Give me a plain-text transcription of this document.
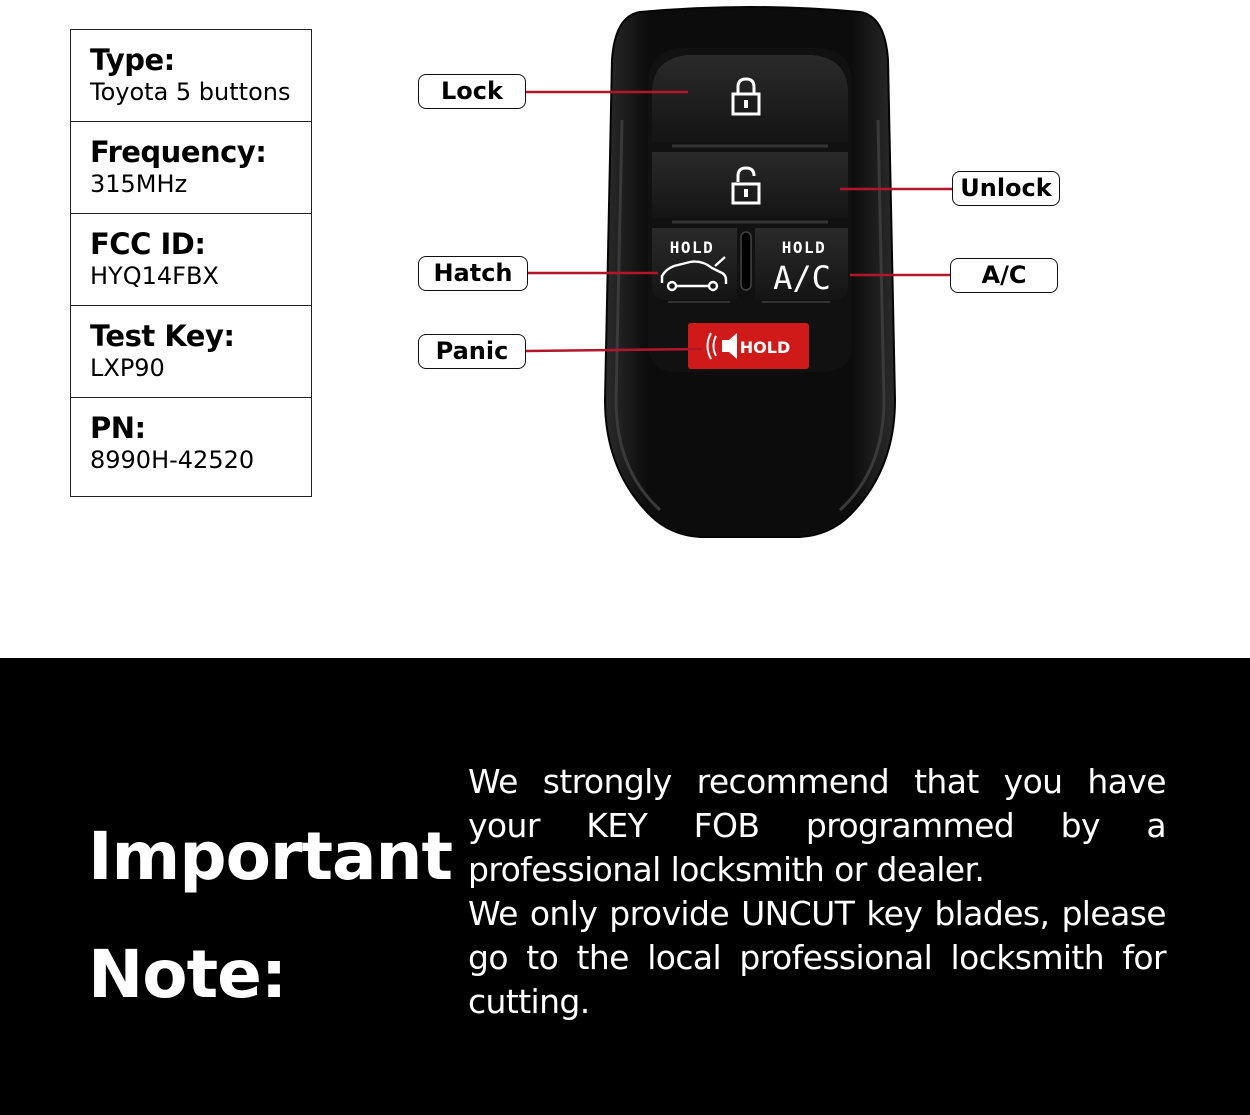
Type:
Toyota 5 buttons
Frequency:
315MHz
FCC ID:
HYQ14FBX
Test Key:
LXP90
PN:
8990H-42520
HOLD	HOLD
A/C
HOLD
Lock
Unlock
Hatch	A/C
Panic
Important
Note:
We strongly recommend that you have your KEY FOB programmed by a professional locksmith or dealer.
We only provide UNCUT key blades, please go to the local professional locksmith for cutting.
